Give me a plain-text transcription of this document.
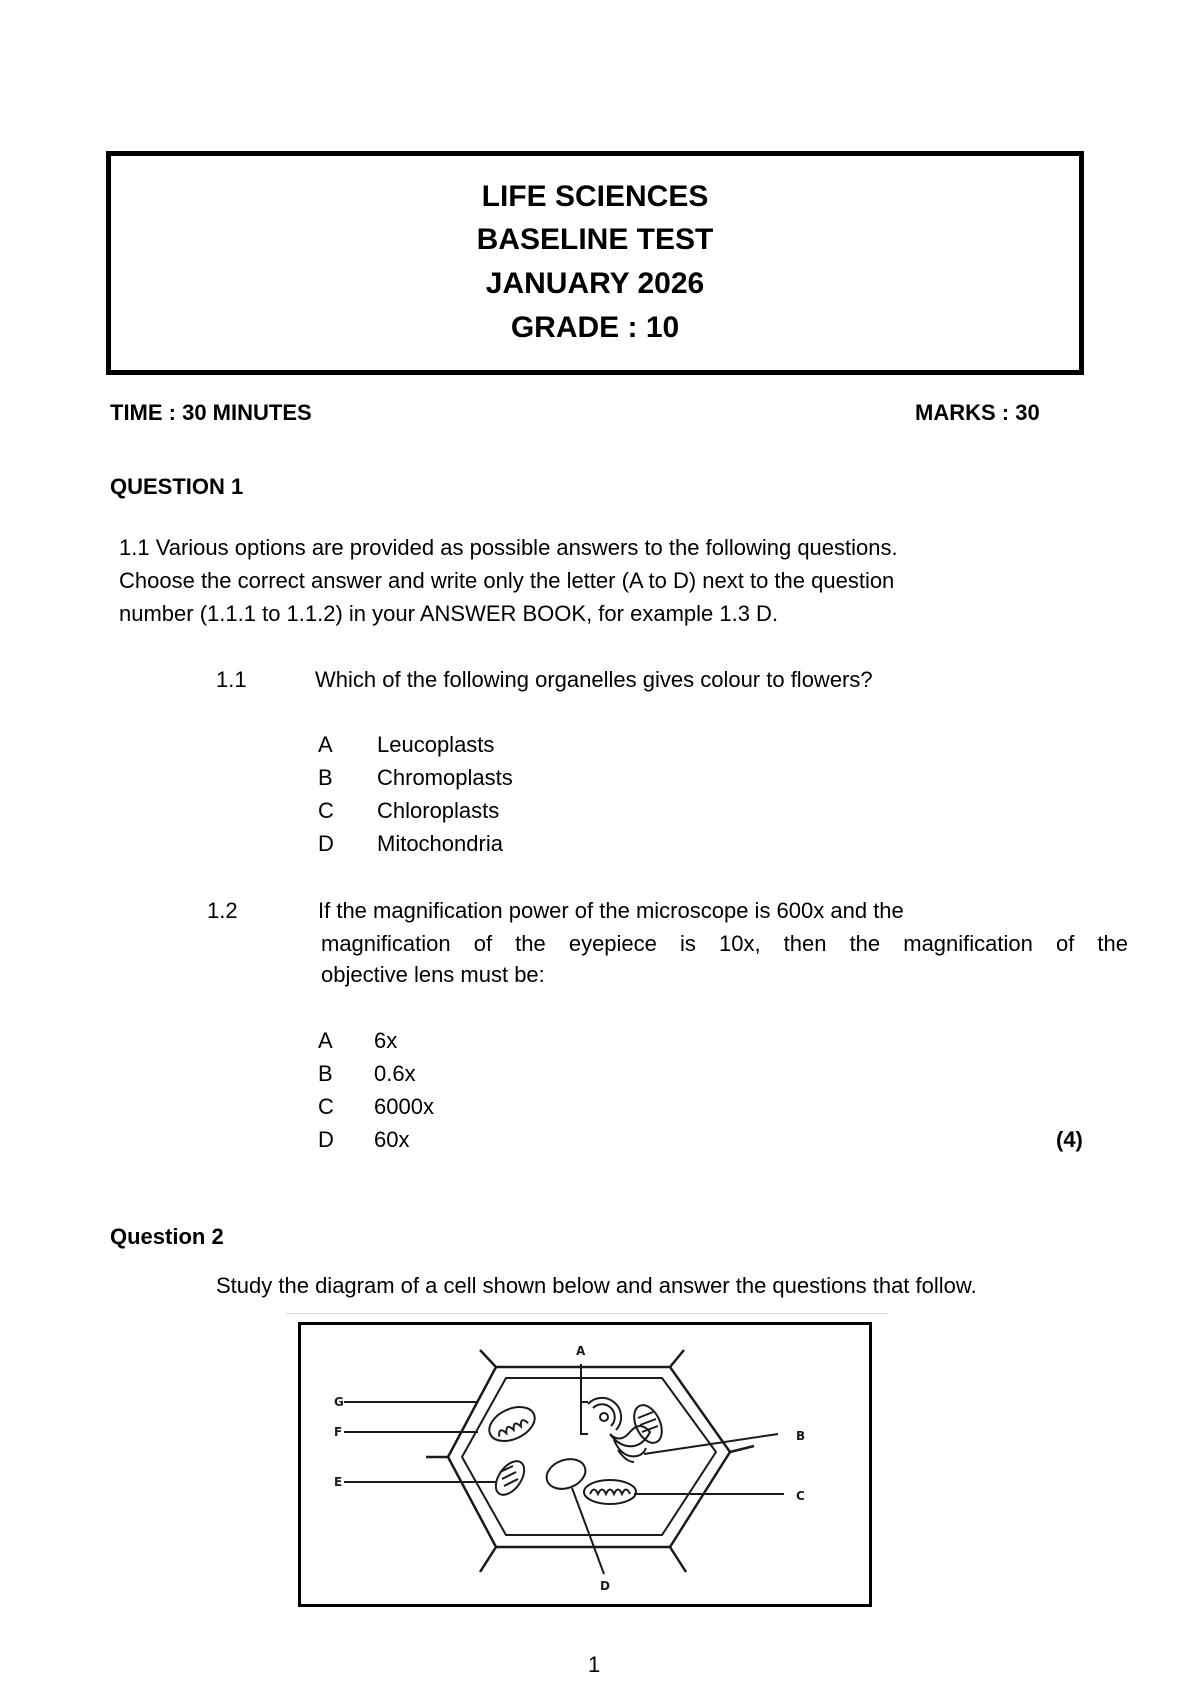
LIFE SCIENCES
BASELINE TEST
JANUARY 2026
GRADE : 10
TIME : 30 MINUTES	MARKS : 30
QUESTION 1
1.1 Various options are provided as possible answers to the following questions.
Choose the correct answer and write only the letter (A to D) next to the question
number (1.1.1 to 1.1.2) in your ANSWER BOOK, for example 1.3 D.
1.1	Which of the following organelles gives colour to flowers?
A Leucoplasts
B Chromoplasts
C Chloroplasts
D Mitochondria
1.2	If the magnification power of the microscope is 600x and the
magnification of the eyepiece is 10x, then the magnification of the
objective lens must be:
A 6x
B 0.6x
C 6000x
D 60x	(4)
Question 2
Study the diagram of a cell shown below and answer the questions that follow.
A
B
C
D
E
F
G
1
